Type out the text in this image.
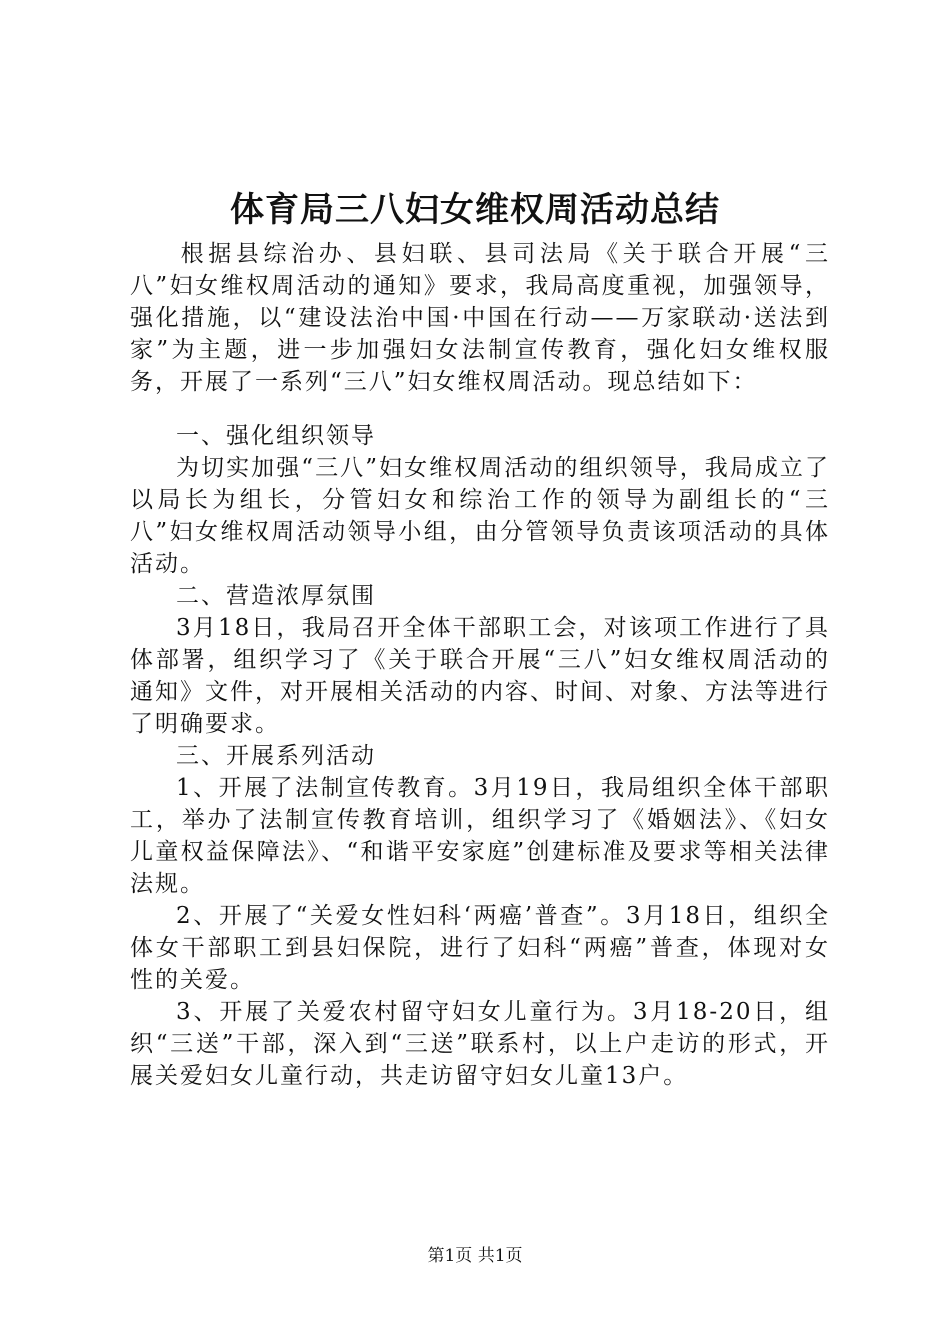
体育局三八妇女维权周活动总结

根据县综治办、县妇联、县司法局《关于联合开展“三八”妇女维权周活动的通知》要求，我局高度重视，加强领导，强化措施，以“建设法治中国·中国在行动——万家联动·送法到家”为主题，进一步加强妇女法制宣传教育，强化妇女维权服务，开展了一系列“三八”妇女维权周活动。现总结如下：

一、强化组织领导

为切实加强“三八”妇女维权周活动的组织领导，我局成立了以局长为组长，分管妇女和综治工作的领导为副组长的“三八”妇女维权周活动领导小组，由分管领导负责该项活动的具体活动。

二、营造浓厚氛围

3月18日，我局召开全体干部职工会，对该项工作进行了具体部署，组织学习了《关于联合开展“三八”妇女维权周活动的通知》文件，对开展相关活动的内容、时间、对象、方法等进行了明确要求。

三、开展系列活动

1、开展了法制宣传教育。3月19日，我局组织全体干部职工，举办了法制宣传教育培训，组织学习了《婚姻法》、《妇女儿童权益保障法》、“和谐平安家庭”创建标准及要求等相关法律法规。

2、开展了“关爱女性妇科‘两癌’普查”。3月18日，组织全体女干部职工到县妇保院，进行了妇科“两癌”普查，体现对女性的关爱。

3、开展了关爱农村留守妇女儿童行为。3月18-20日，组织“三送”干部，深入到“三送”联系村，以上户走访的形式，开展关爱妇女儿童行动，共走访留守妇女儿童13户。

第1页 共1页
